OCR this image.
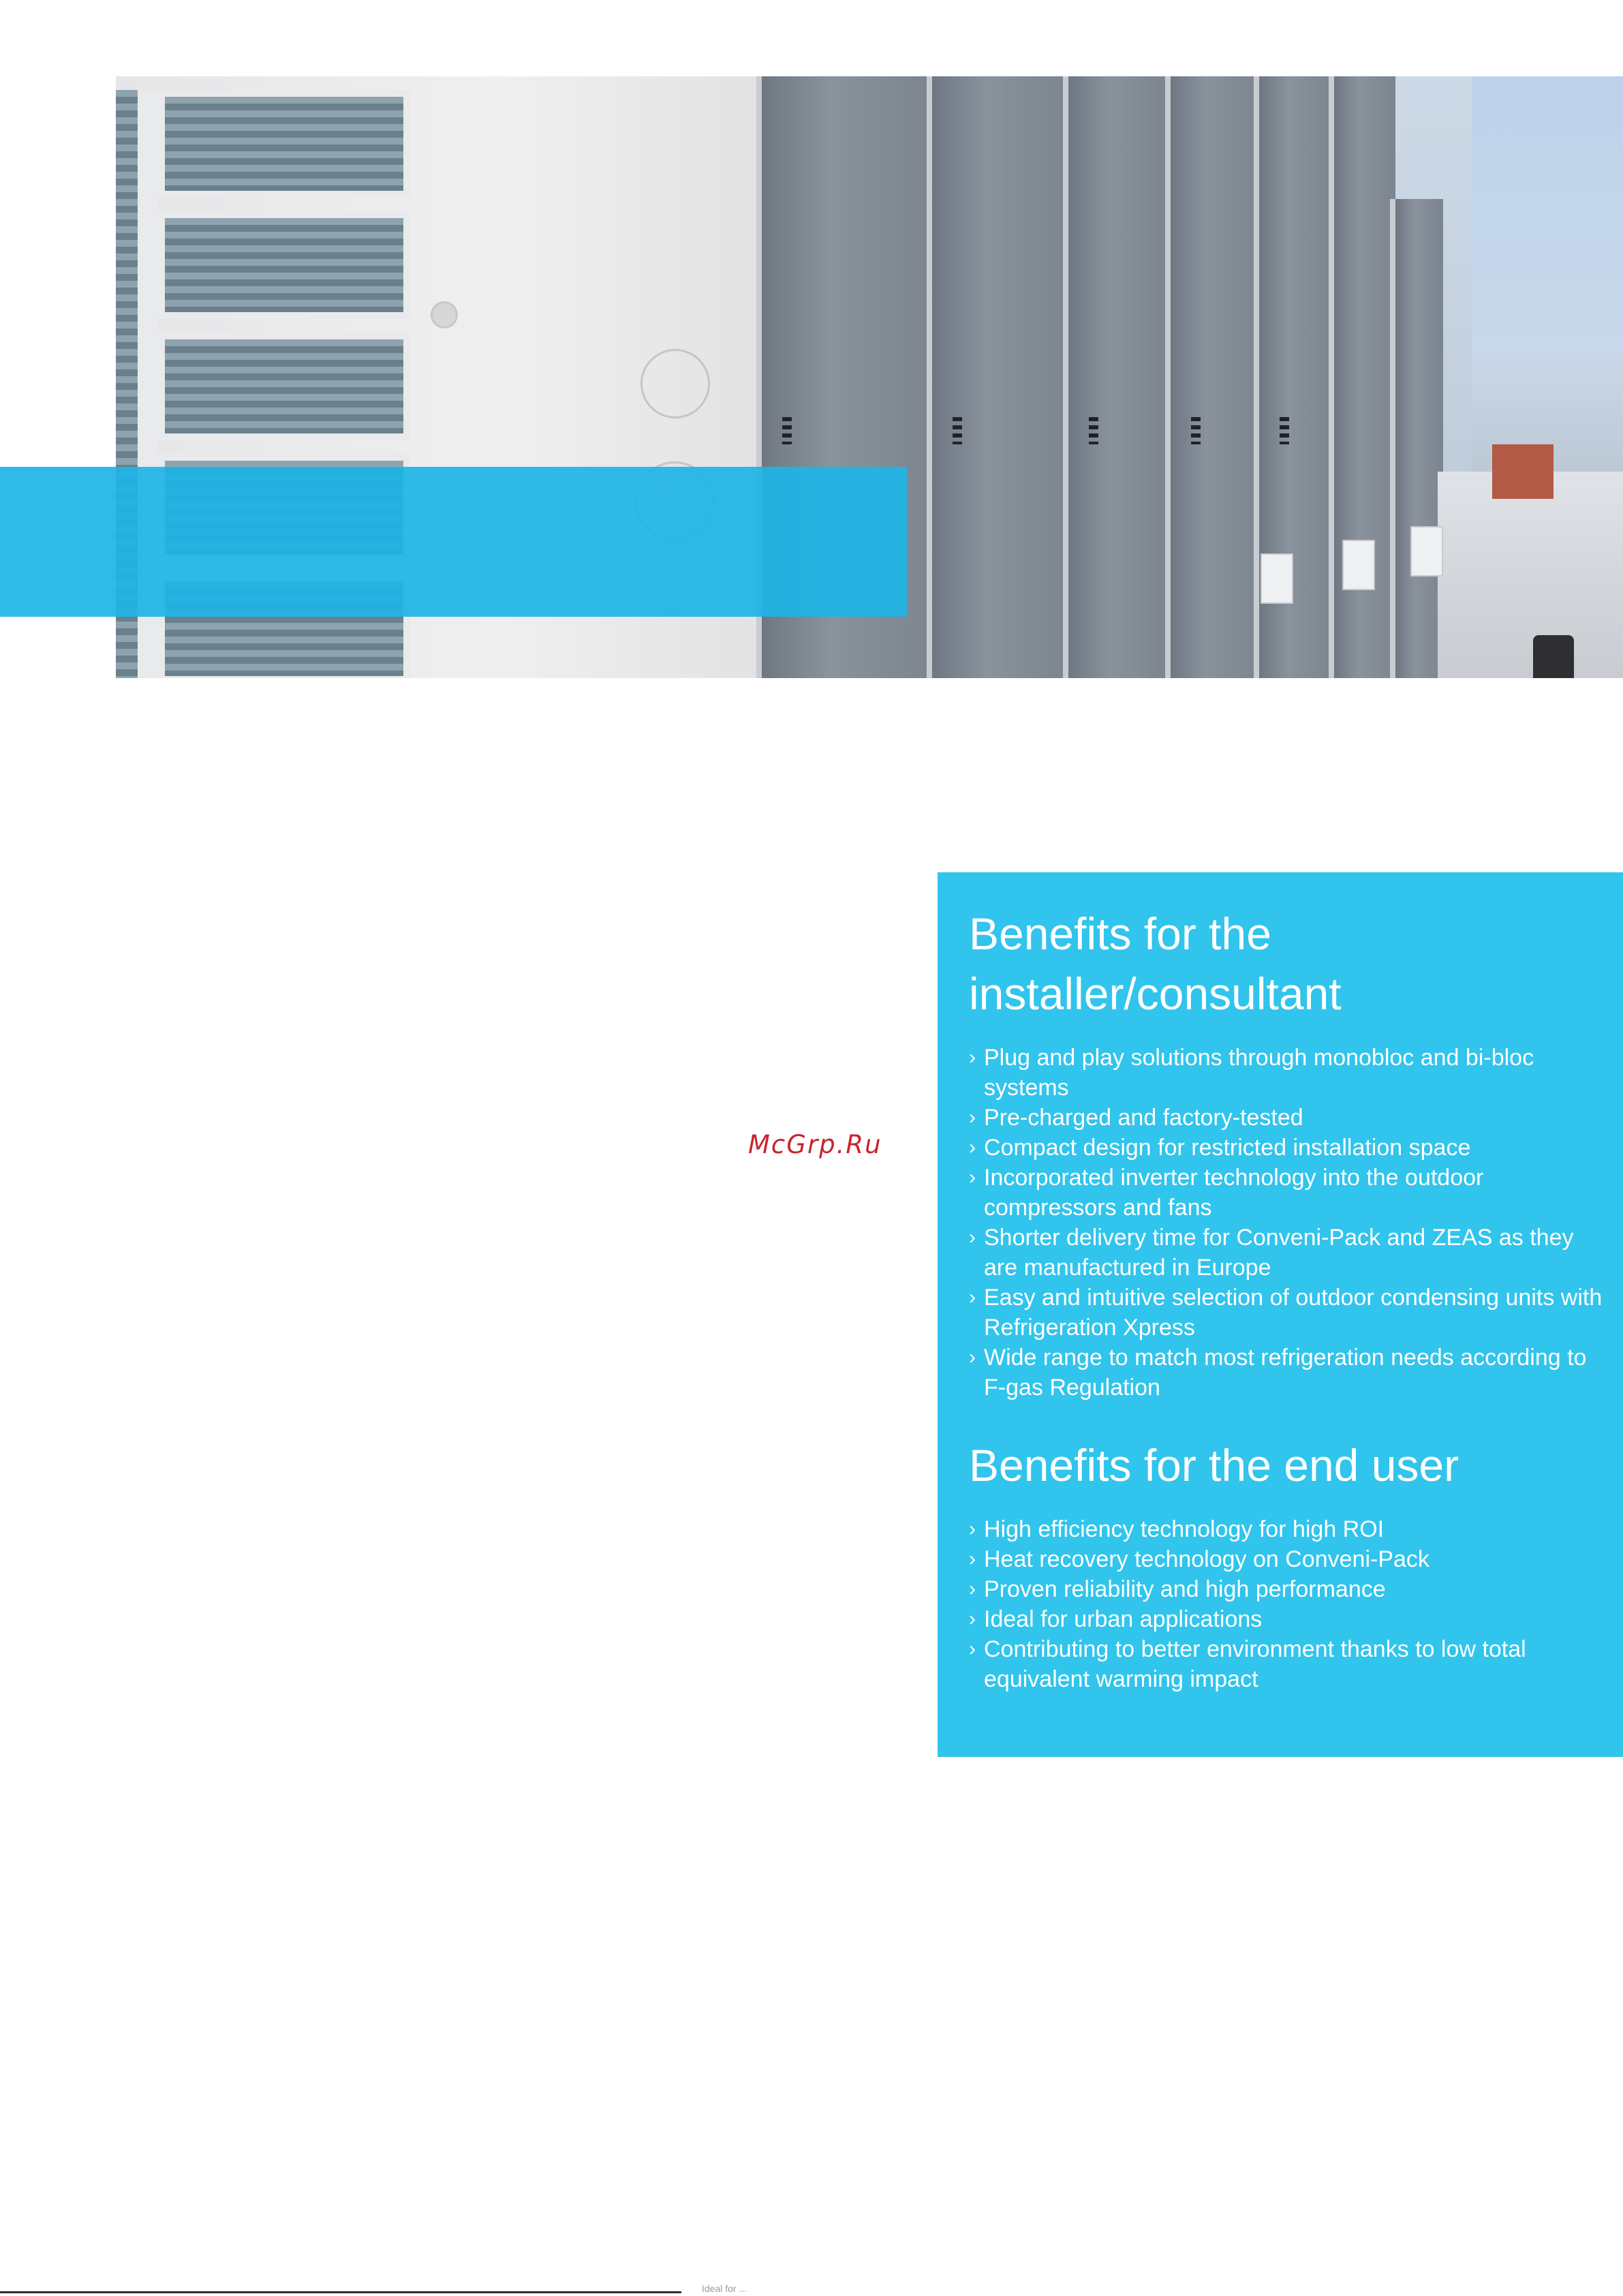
McGrp.Ru
Benefits for the installer/consultant
› Plug and play solutions through monobloc and bi-bloc systems
› Pre-charged and factory-tested
› Compact design for restricted installation space
› Incorporated inverter technology into the outdoor compressors and fans
› Shorter delivery time for Conveni-Pack and ZEAS as they are manufactured in Europe
› Easy and intuitive selection of outdoor condensing units with Refrigeration Xpress
› Wide range to match most refrigeration needs according to F-gas Regulation
Benefits for the end user
› High efficiency technology for high ROI
› Heat recovery technology on Conveni-Pack
› Proven reliability and high performance
› Ideal for urban applications
› Contributing to better environment thanks to low total equivalent warming impact
Ideal for ...
